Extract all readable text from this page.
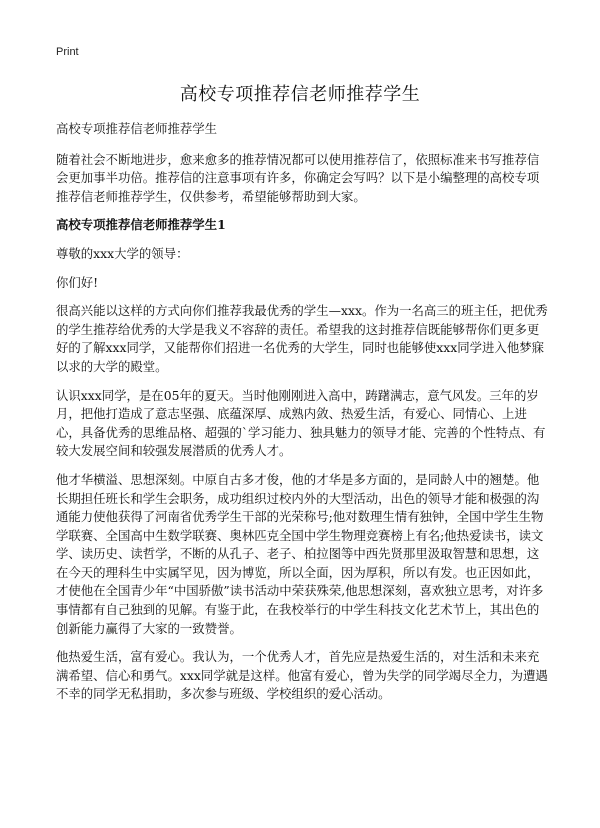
Print
高校专项推荐信老师推荐学生

高校专项推荐信老师推荐学生

随着社会不断地进步，愈来愈多的推荐情况都可以使用推荐信了，依照标准来书写推荐信会更加事半功倍。推荐信的注意事项有许多，你确定会写吗？以下是小编整理的高校专项推荐信老师推荐学生，仅供参考，希望能够帮助到大家。

高校专项推荐信老师推荐学生1

尊敬的xxx大学的领导：

你们好!

很高兴能以这样的方式向你们推荐我最优秀的学生—xxx。作为一名高三的班主任，把优秀的学生推荐给优秀的大学是我义不容辞的责任。希望我的这封推荐信既能够帮你们更多更好的了解xxx同学，又能帮你们招进一名优秀的大学生，同时也能够使xxx同学进入他梦寐以求的大学的殿堂。

认识xxx同学，是在05年的夏天。当时他刚刚进入高中，踌躇满志，意气风发。三年的岁月，把他打造成了意志坚强、底蕴深厚、成熟内敛、热爱生活，有爱心、同情心、上进心，具备优秀的思维品格、超强的`学习能力、独具魅力的领导才能、完善的个性特点、有较大发展空间和较强发展潜质的优秀人才。

他才华横溢、思想深刻。中原自古多才俊，他的才华是多方面的，是同龄人中的翘楚。他长期担任班长和学生会职务，成功组织过校内外的大型活动，出色的领导才能和极强的沟通能力使他获得了河南省优秀学生干部的光荣称号;他对数理生情有独钟，全国中学生生物学联赛、全国高中生数学联赛、奥林匹克全国中学生物理竞赛榜上有名;他热爱读书，读文学、读历史、读哲学，不断的从孔子、老子、柏拉图等中西先贤那里汲取智慧和思想，这在今天的理科生中实属罕见，因为博览，所以全面，因为厚积，所以有发。也正因如此，才使他在全国青少年“中国骄傲”读书活动中荣获殊荣,他思想深刻，喜欢独立思考，对许多事情都有自己独到的见解。有鉴于此，在我校举行的中学生科技文化艺术节上，其出色的创新能力赢得了大家的一致赞誉。

他热爱生活，富有爱心。我认为，一个优秀人才，首先应是热爱生活的，对生活和未来充满希望、信心和勇气。xxx同学就是这样。他富有爱心，曾为失学的同学竭尽全力，为遭遇不幸的同学无私捐助，多次参与班级、学校组织的爱心活动。
